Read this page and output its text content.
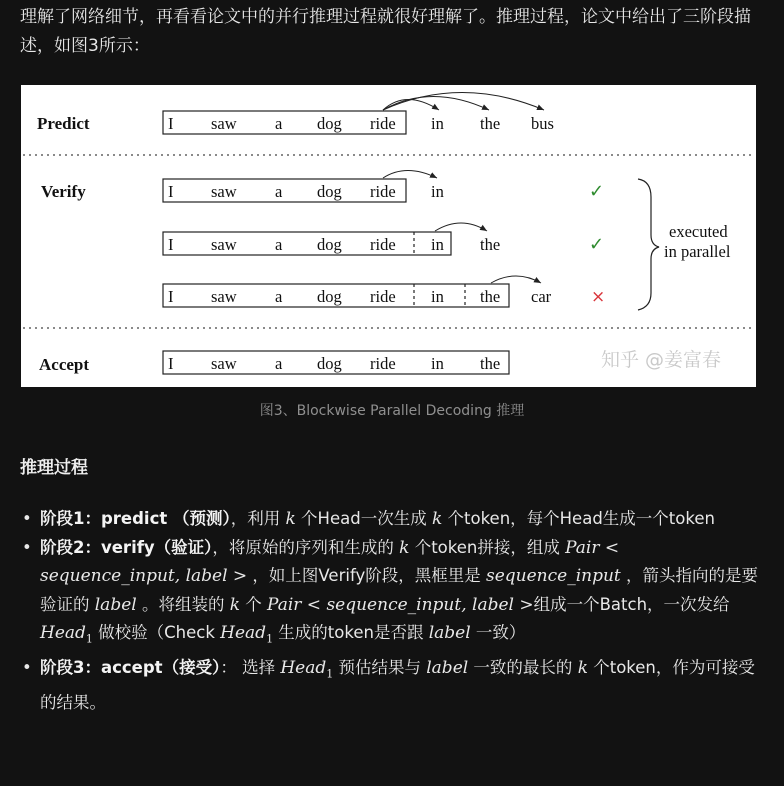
理解了网络细节，再看看论文中的并行推理过程就很好理解了。推理过程，论文中给出了三阶段描述，如图3所示：
Predict
Verify
Accept
I saw a dog ride in the bus
I saw a dog ride in	✓
I saw a dog ride in the	✓
I saw a dog ride in the car ×
executed
in parallel
I saw a dog ride in the	知乎 @姜富春
图3、Blockwise Parallel Decoding 推理
推理过程
• 阶段1：predict （预测），利用 k 个Head一次生成 k 个token，每个Head生成一个token
• 阶段2：verify（验证），将原始的序列和生成的 k 个token拼接，组成 Pair < sequence_input, label > ，如上图Verify阶段，黑框里是 sequence_input ，箭头指向的是要验证的 label 。将组装的 k 个 Pair < sequence_input, label >组成一个Batch，一次发给 Head$_1$ 做校验（Check Head$_1$ 生成的token是否跟 label 一致）
• 阶段3：accept（接受）： 选择 Head$_1$ 预估结果与 label 一致的最长的 k 个token，作为可接受的结果。
